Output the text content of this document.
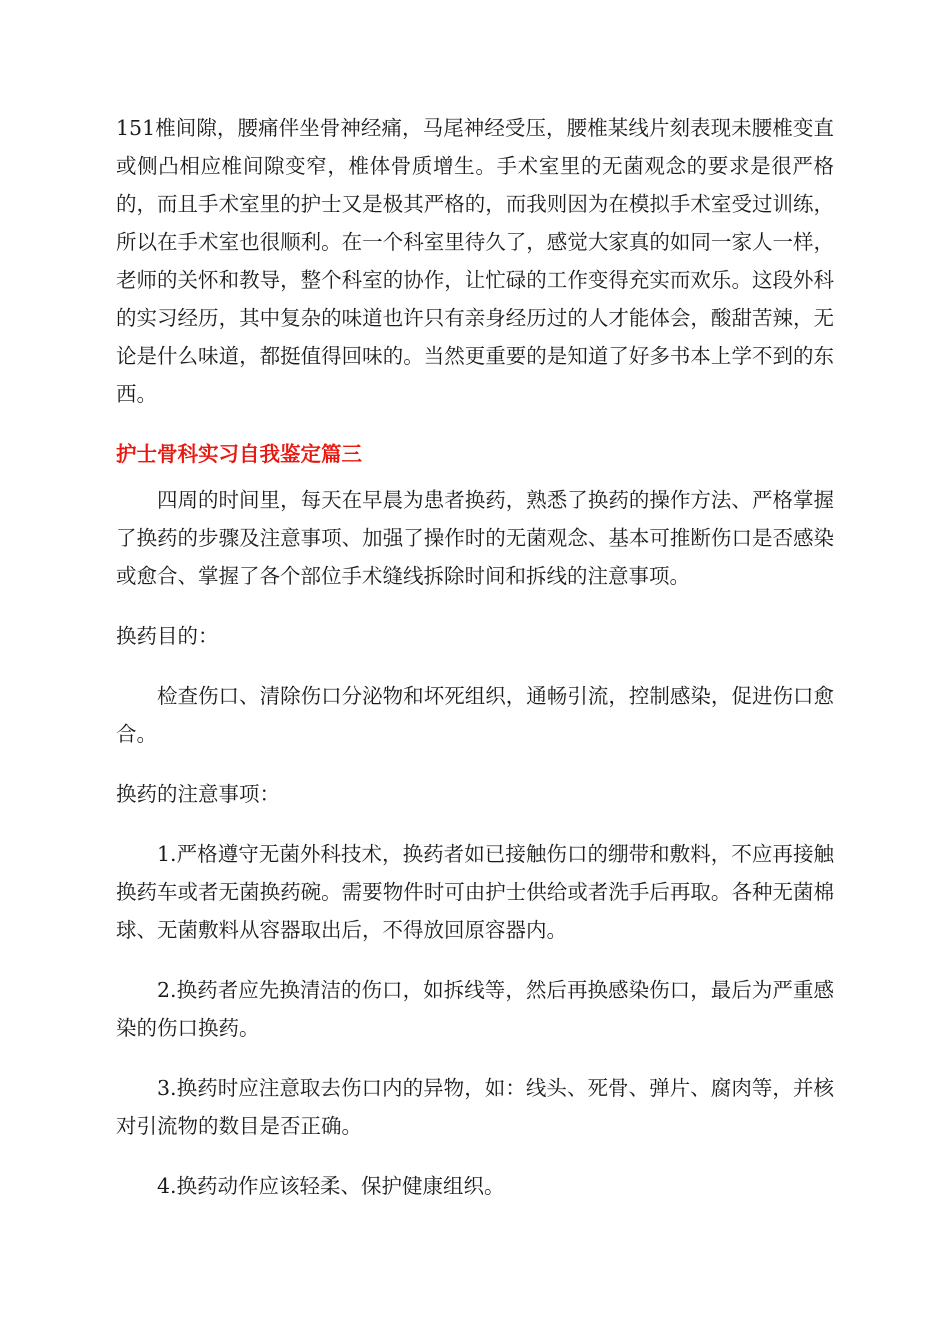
151椎间隙，腰痛伴坐骨神经痛，马尾神经受压，腰椎某线片刻表现未腰椎变直或侧凸相应椎间隙变窄，椎体骨质增生。手术室里的无菌观念的要求是很严格的，而且手术室里的护士又是极其严格的，而我则因为在模拟手术室受过训练，所以在手术室也很顺利。在一个科室里待久了，感觉大家真的如同一家人一样，老师的关怀和教导，整个科室的协作，让忙碌的工作变得充实而欢乐。这段外科的实习经历，其中复杂的味道也许只有亲身经历过的人才能体会，酸甜苦辣，无论是什么味道，都挺值得回味的。当然更重要的是知道了好多书本上学不到的东西。

护士骨科实习自我鉴定篇三

四周的时间里，每天在早晨为患者换药，熟悉了换药的操作方法、严格掌握了换药的步骤及注意事项、加强了操作时的无菌观念、基本可推断伤口是否感染或愈合、掌握了各个部位手术缝线拆除时间和拆线的注意事项。

换药目的：

检查伤口、清除伤口分泌物和坏死组织，通畅引流，控制感染，促进伤口愈合。

换药的注意事项：

1.严格遵守无菌外科技术，换药者如已接触伤口的绷带和敷料，不应再接触换药车或者无菌换药碗。需要物件时可由护士供给或者洗手后再取。各种无菌棉球、无菌敷料从容器取出后，不得放回原容器内。

2.换药者应先换清洁的伤口，如拆线等，然后再换感染伤口，最后为严重感染的伤口换药。

3.换药时应注意取去伤口内的异物，如：线头、死骨、弹片、腐肉等，并核对引流物的数目是否正确。

4.换药动作应该轻柔、保护健康组织。
